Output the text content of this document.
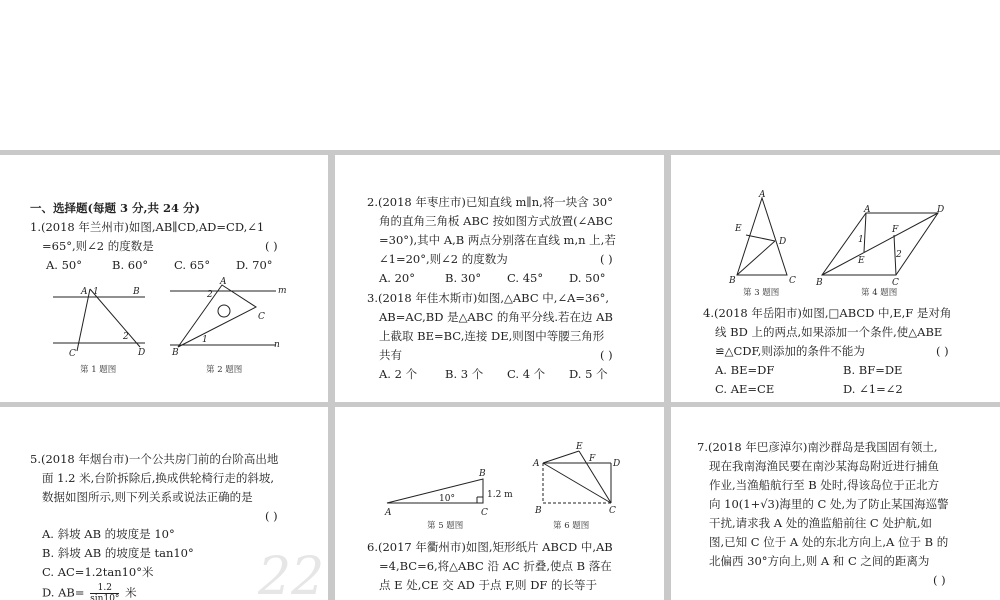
一、选择题(每题 3 分,共 24 分)
1.(2018 年兰州市)如图,AB∥CD,AD=CD,∠1
=65°,则∠2 的度数是	( )
A. 50°	B. 60° C. 65° D. 70°
A 1	B
C
2
D
A
2	m
C
B
1	n
第 1 题图	第 2 题图
2.(2018 年枣庄市)已知直线 m∥n,将一块含 30°
角的直角三角板 ABC 按如图方式放置(∠ABC
=30°),其中 A,B 两点分别落在直线 m,n 上,若
∠1=20°,则∠2 的度数为	( )
A. 20°	B. 30° C. 45° D. 50°
3.(2018 年佳木斯市)如图,△ABC 中,∠A=36°,
AB=AC,BD 是△ABC 的角平分线.若在边 AB
上截取 BE=BC,连接 DE,则图中等腰三角形
共有	( )
A. 2 个 B. 3 个 C. 4 个 D. 5 个
A
E
D
B	C
A	D
F
E
1
2
B	C
第 3 题图	第 4 题图
4.(2018 年岳阳市)如图,□ABCD 中,E,F 是对角
线 BD 上的两点,如果添加一个条件,使△ABE
≌△CDF,则添加的条件不能为	( )
A. BE=DF	B. BF=DE
C. AE=CE	D. ∠1=∠2
22
5.(2018 年烟台市)一个公共房门前的台阶高出地
面 1.2 米,台阶拆除后,换成供轮椅行走的斜坡,
数据如图所示,则下列关系或说法正确的是
( )
A. 斜坡 AB 的坡度是 10°
B. 斜坡 AB 的坡度是 tan10°
C. AC=1.2tan10°米
D. $AB= \frac{1.2}{\sin 10^\circ}$ 米
A	C
B
10°	1.2 m
E
A	F D
B	C
第 5 题图	第 6 题图
6.(2017 年衢州市)如图,矩形纸片 ABCD 中,AB
=4,BC=6,将△ABC 沿 AC 折叠,使点 B 落在
点 E 处,CE 交 AD 于点 F,则 DF 的长等于
7.(2018 年巴彦淖尔)南沙群岛是我国固有领土,
现在我南海渔民要在南沙某海岛附近进行捕鱼
作业,当渔船航行至 B 处时,得该岛位于正北方
向 10(1+√3)海里的 C 处,为了防止某国海巡警
干扰,请求我 A 处的渔监船前往 C 处护航,如
图,已知 C 位于 A 处的东北方向上,A 位于 B 的
北偏西 30°方向上,则 A 和 C 之间的距离为
( )
